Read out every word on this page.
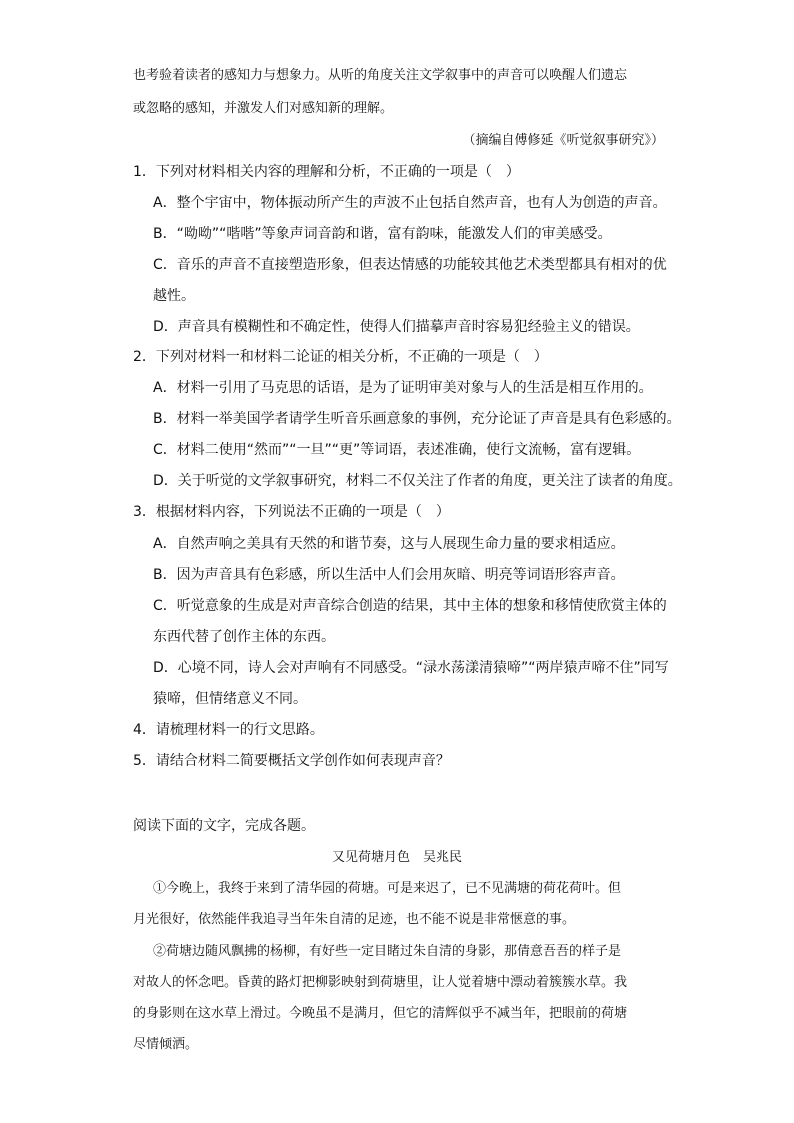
也考验着读者的感知力与想象力。从听的角度关注文学叙事中的声音可以唤醒人们遗忘
或忽略的感知，并激发人们对感知新的理解。
（摘编自傅修延《听觉叙事研究》）
1．下列对材料相关内容的理解和分析，不正确的一项是（　）
A．整个宇宙中，物体振动所产生的声波不止包括自然声音，也有人为创造的声音。
B．“呦呦”“喈喈”等象声词音韵和谐，富有韵味，能激发人们的审美感受。
C．音乐的声音不直接塑造形象，但表达情感的功能较其他艺术类型都具有相对的优
越性。
D．声音具有模糊性和不确定性，使得人们描摹声音时容易犯经验主义的错误。
2．下列对材料一和材料二论证的相关分析，不正确的一项是（　）
A．材料一引用了马克思的话语，是为了证明审美对象与人的生活是相互作用的。
B．材料一举美国学者请学生听音乐画意象的事例，充分论证了声音是具有色彩感的。
C．材料二使用“然而”“一旦”“更”等词语，表述准确，使行文流畅，富有逻辑。
D．关于听觉的文学叙事研究，材料二不仅关注了作者的角度，更关注了读者的角度。
3．根据材料内容，下列说法不正确的一项是（　）
A．自然声响之美具有天然的和谐节奏，这与人展现生命力量的要求相适应。
B．因为声音具有色彩感，所以生活中人们会用灰暗、明亮等词语形容声音。
C．听觉意象的生成是对声音综合创造的结果，其中主体的想象和移情使欣赏主体的
东西代替了创作主体的东西。
D．心境不同，诗人会对声响有不同感受。“渌水荡漾清猿啼”“两岸猿声啼不住”同写
猿啼，但情绪意义不同。
4．请梳理材料一的行文思路。
5．请结合材料二简要概括文学创作如何表现声音？
阅读下面的文字，完成各题。
又见荷塘月色　吴兆民
①今晚上，我终于来到了清华园的荷塘。可是来迟了，已不见满塘的荷花荷叶。但
月光很好，依然能伴我追寻当年朱自清的足迹，也不能不说是非常惬意的事。
②荷塘边随风飘拂的杨柳，有好些一定目睹过朱自清的身影，那倩意吾吾的样子是
对故人的怀念吧。昏黄的路灯把柳影映射到荷塘里，让人觉着塘中漂动着簇簇水草。我
的身影则在这水草上滑过。今晚虽不是满月，但它的清辉似乎不减当年，把眼前的荷塘
尽情倾洒。
